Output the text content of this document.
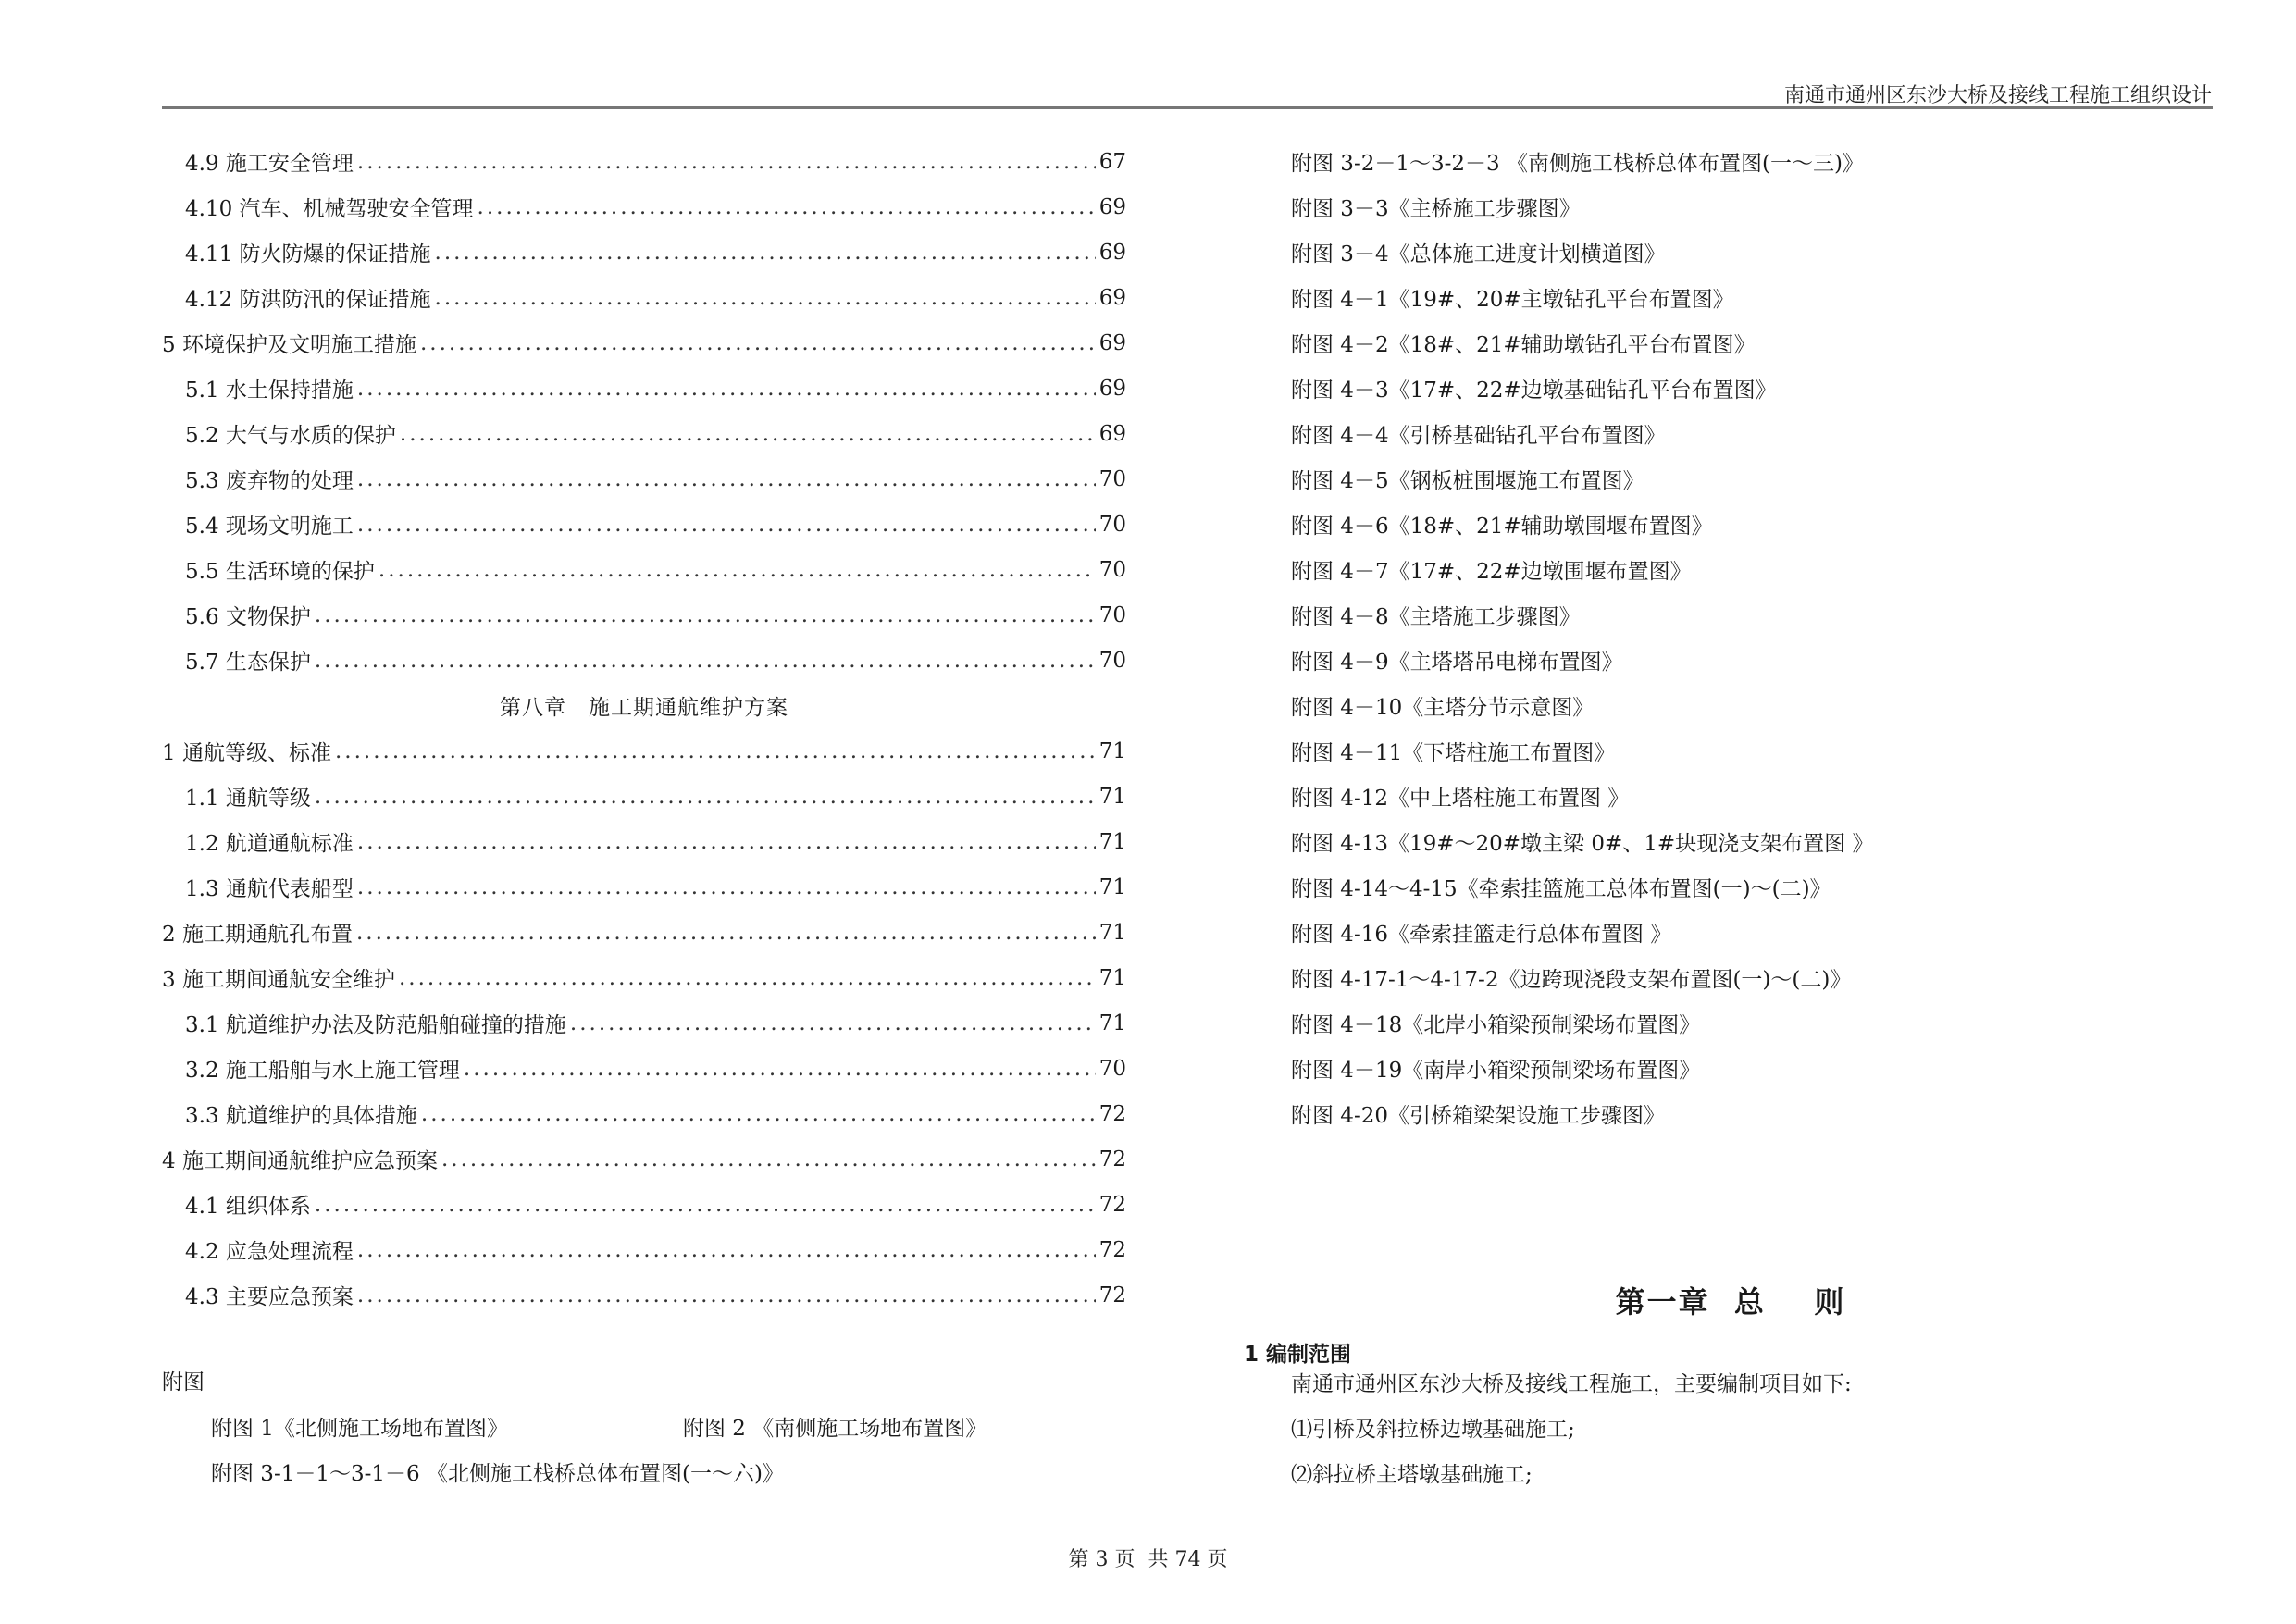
南通市通州区东沙大桥及接线工程施工组织设计
4.9 施工安全管理 .....	67
4.10 汽车、机械驾驶安全管理 .....	69
4.11 防火防爆的保证措施 .....	69
4.12 防洪防汛的保证措施 .....	69
5 环境保护及文明施工措施 .....	69
5.1 水土保持措施 .....	69
5.2 大气与水质的保护 .....	69
5.3 废弃物的处理 .....	70
5.4 现场文明施工 .....	70
5.5 生活环境的保护 .....	70
5.6 文物保护 .....	70
5.7 生态保护 .....	70
第八章　施工期通航维护方案
1 通航等级、标准 .....	71
1.1 通航等级 .....	71
1.2 航道通航标准 .....	71
1.3 通航代表船型 .....	71
2 施工期通航孔布置 .....	71
3 施工期间通航安全维护 .....	71
3.1 航道维护办法及防范船舶碰撞的措施 .....	71
3.2 施工船舶与水上施工管理 .....	70
3.3 航道维护的具体措施 .....	72
4 施工期间通航维护应急预案 .....	72
4.1 组织体系 .....	72
4.2 应急处理流程 .....	72
4.3 主要应急预案 .....	72
附图
附图 1《北侧施工场地布置图》	附图 2 《南侧施工场地布置图》
附图 3-1－1～3-1－6 《北侧施工栈桥总体布置图(一～六)》
附图 3-2－1～3-2－3 《南侧施工栈桥总体布置图(一～三)》
附图 3－3《主桥施工步骤图》
附图 3－4《总体施工进度计划横道图》
附图 4－1《19#、20#主墩钻孔平台布置图》
附图 4－2《18#、21#辅助墩钻孔平台布置图》
附图 4－3《17#、22#边墩基础钻孔平台布置图》
附图 4－4《引桥基础钻孔平台布置图》
附图 4－5《钢板桩围堰施工布置图》
附图 4－6《18#、21#辅助墩围堰布置图》
附图 4－7《17#、22#边墩围堰布置图》
附图 4－8《主塔施工步骤图》
附图 4－9《主塔塔吊电梯布置图》
附图 4－10《主塔分节示意图》
附图 4－11《下塔柱施工布置图》
附图 4-12《中上塔柱施工布置图 》
附图 4-13《19#～20#墩主梁 0#、1#块现浇支架布置图 》
附图 4-14～4-15《牵索挂篮施工总体布置图(一)～(二)》
附图 4-16《牵索挂篮走行总体布置图 》
附图 4-17-1～4-17-2《边跨现浇段支架布置图(一)～(二)》
附图 4－18《北岸小箱梁预制梁场布置图》
附图 4－19《南岸小箱梁预制梁场布置图》
附图 4-20《引桥箱梁架设施工步骤图》
第一章  总    则
1 编制范围
南通市通州区东沙大桥及接线工程施工，主要编制项目如下:
⑴引桥及斜拉桥边墩基础施工;
⑵斜拉桥主塔墩基础施工;
第 3 页  共 74 页
